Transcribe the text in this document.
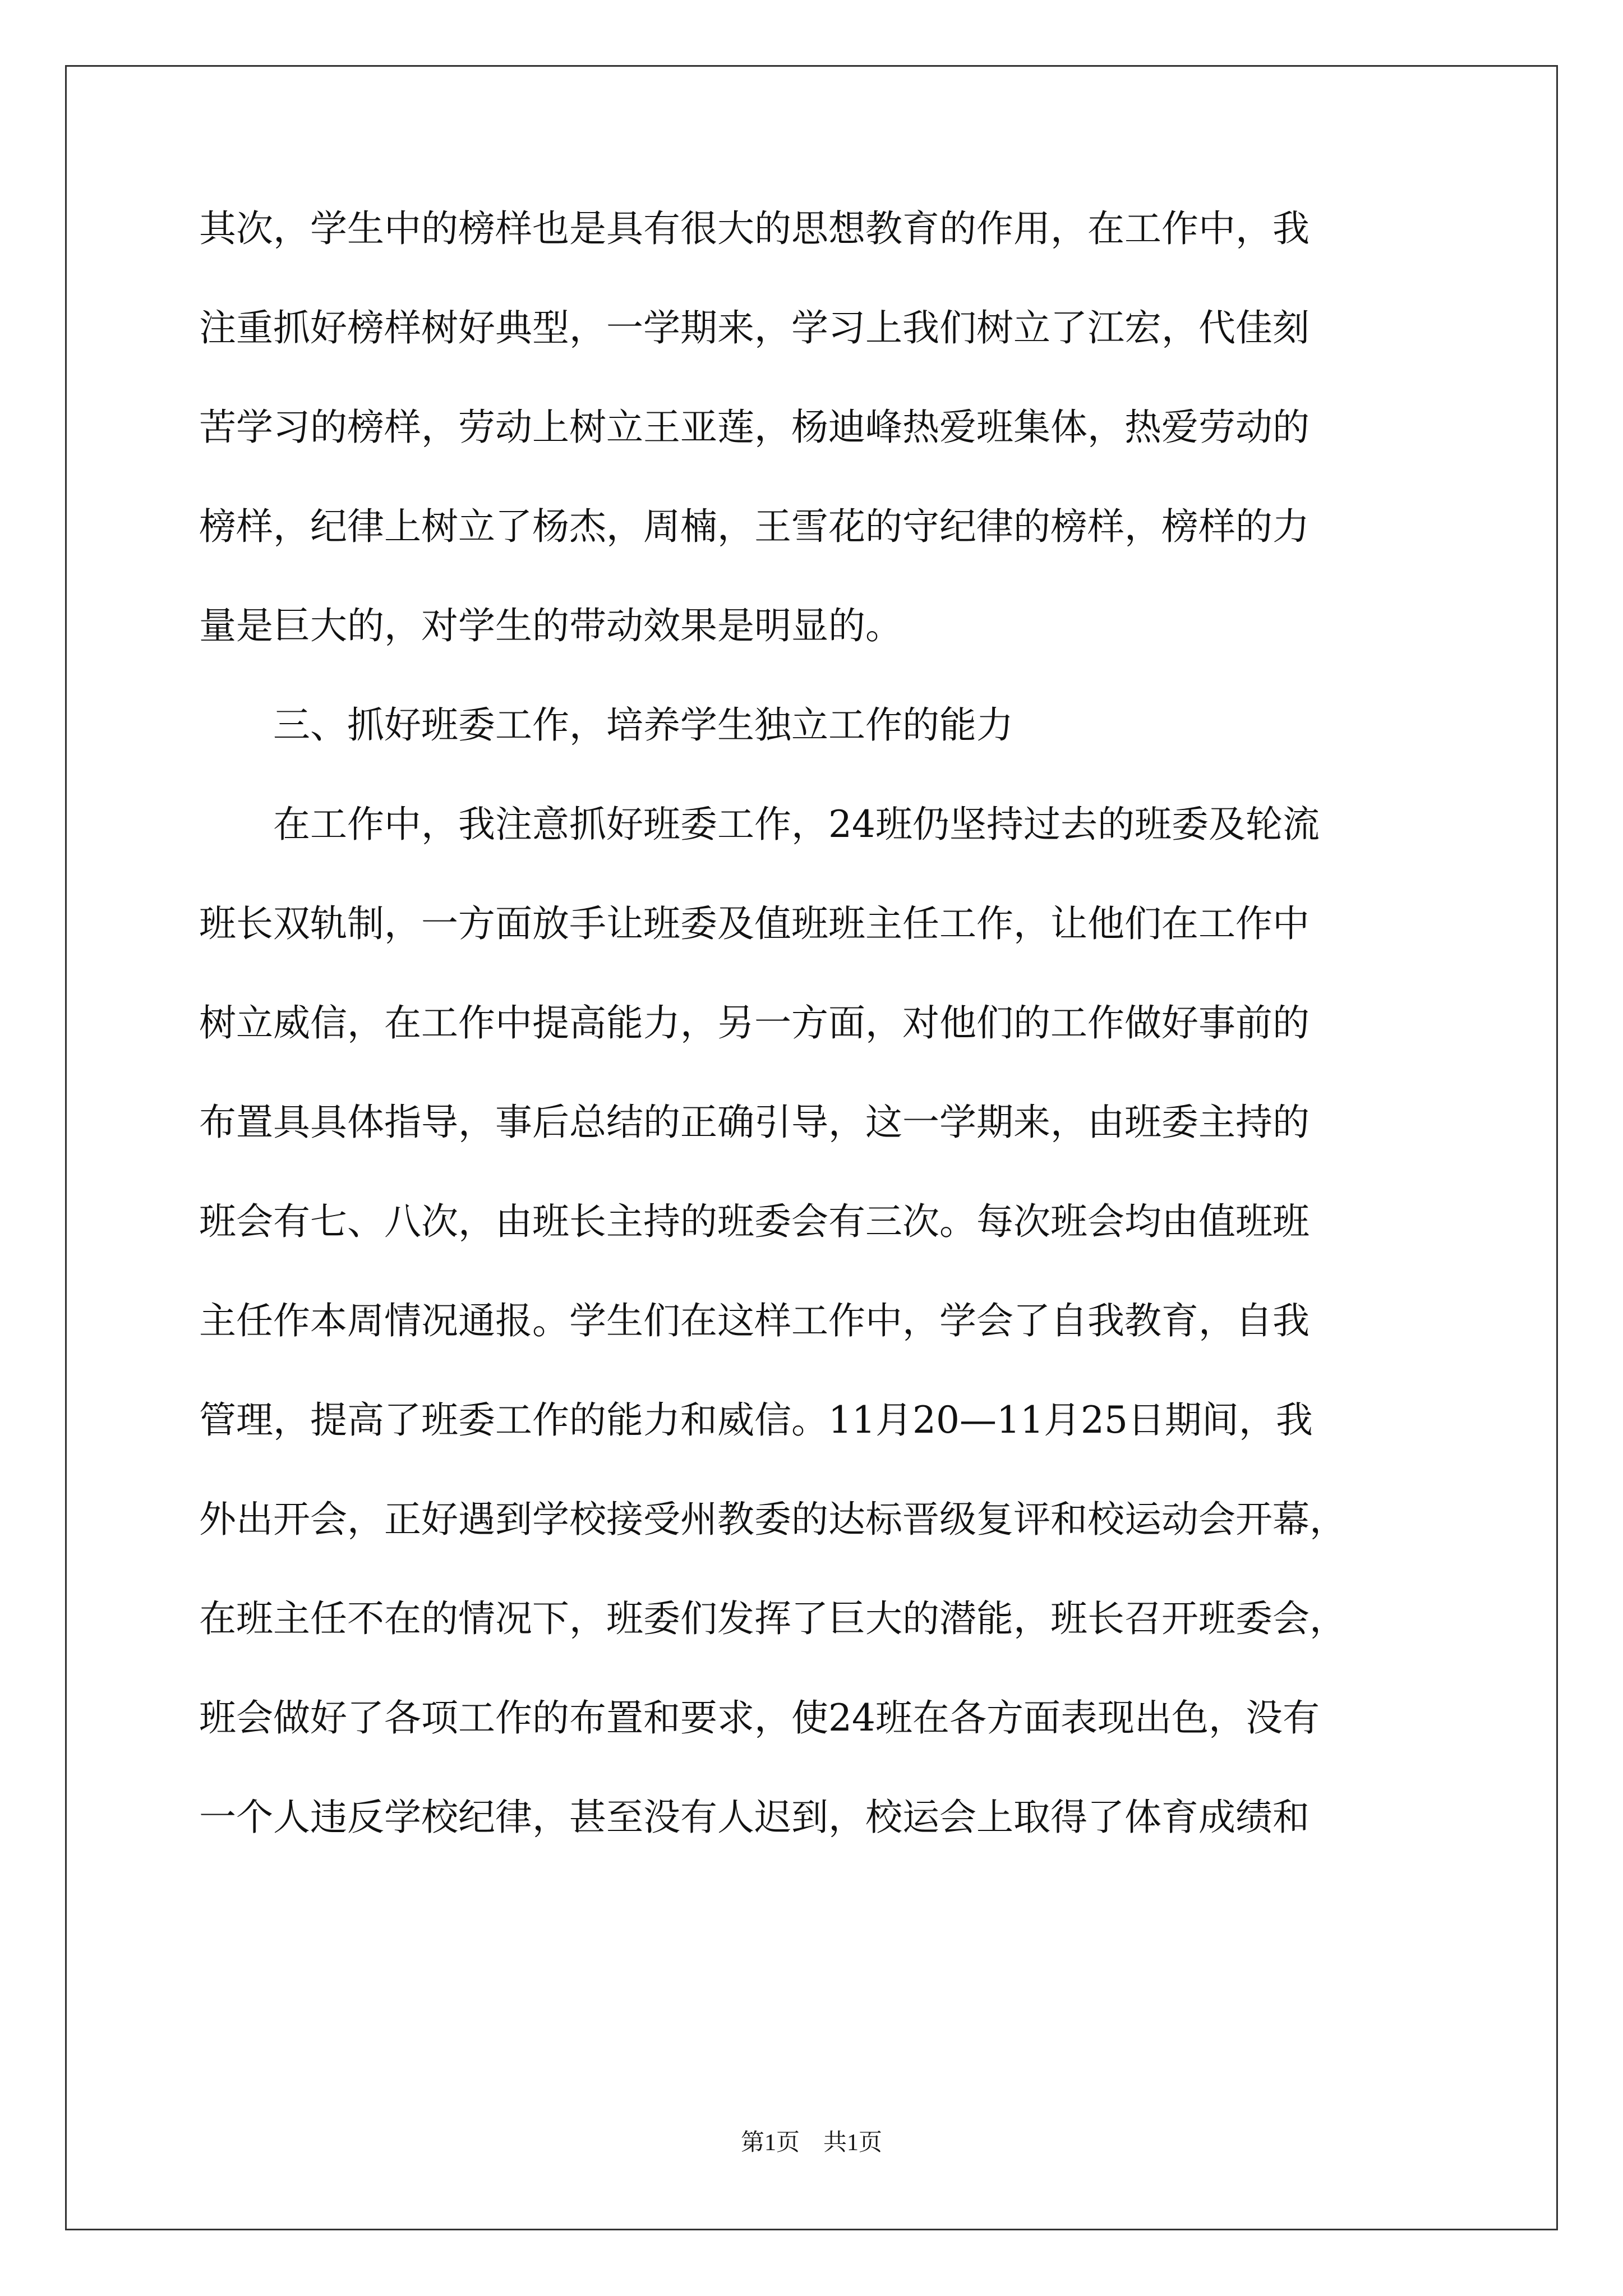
其次，学生中的榜样也是具有很大的思想教育的作用，在工作中，我
注重抓好榜样树好典型，一学期来，学习上我们树立了江宏，代佳刻
苦学习的榜样，劳动上树立王亚莲，杨迪峰热爱班集体，热爱劳动的
榜样，纪律上树立了杨杰，周楠，王雪花的守纪律的榜样，榜样的力
量是巨大的，对学生的带动效果是明显的。
　　三、抓好班委工作，培养学生独立工作的能力
　　在工作中，我注意抓好班委工作，24班仍坚持过去的班委及轮流
班长双轨制，一方面放手让班委及值班班主任工作，让他们在工作中
树立威信，在工作中提高能力，另一方面，对他们的工作做好事前的
布置具具体指导，事后总结的正确引导，这一学期来，由班委主持的
班会有七、八次，由班长主持的班委会有三次。每次班会均由值班班
主任作本周情况通报。学生们在这样工作中，学会了自我教育，自我
管理，提高了班委工作的能力和威信。11月20—11月25日期间，我
外出开会，正好遇到学校接受州教委的达标晋级复评和校运动会开幕，
在班主任不在的情况下，班委们发挥了巨大的潜能，班长召开班委会，
班会做好了各项工作的布置和要求，使24班在各方面表现出色，没有
一个人违反学校纪律，甚至没有人迟到，校运会上取得了体育成绩和
第1页　共1页
